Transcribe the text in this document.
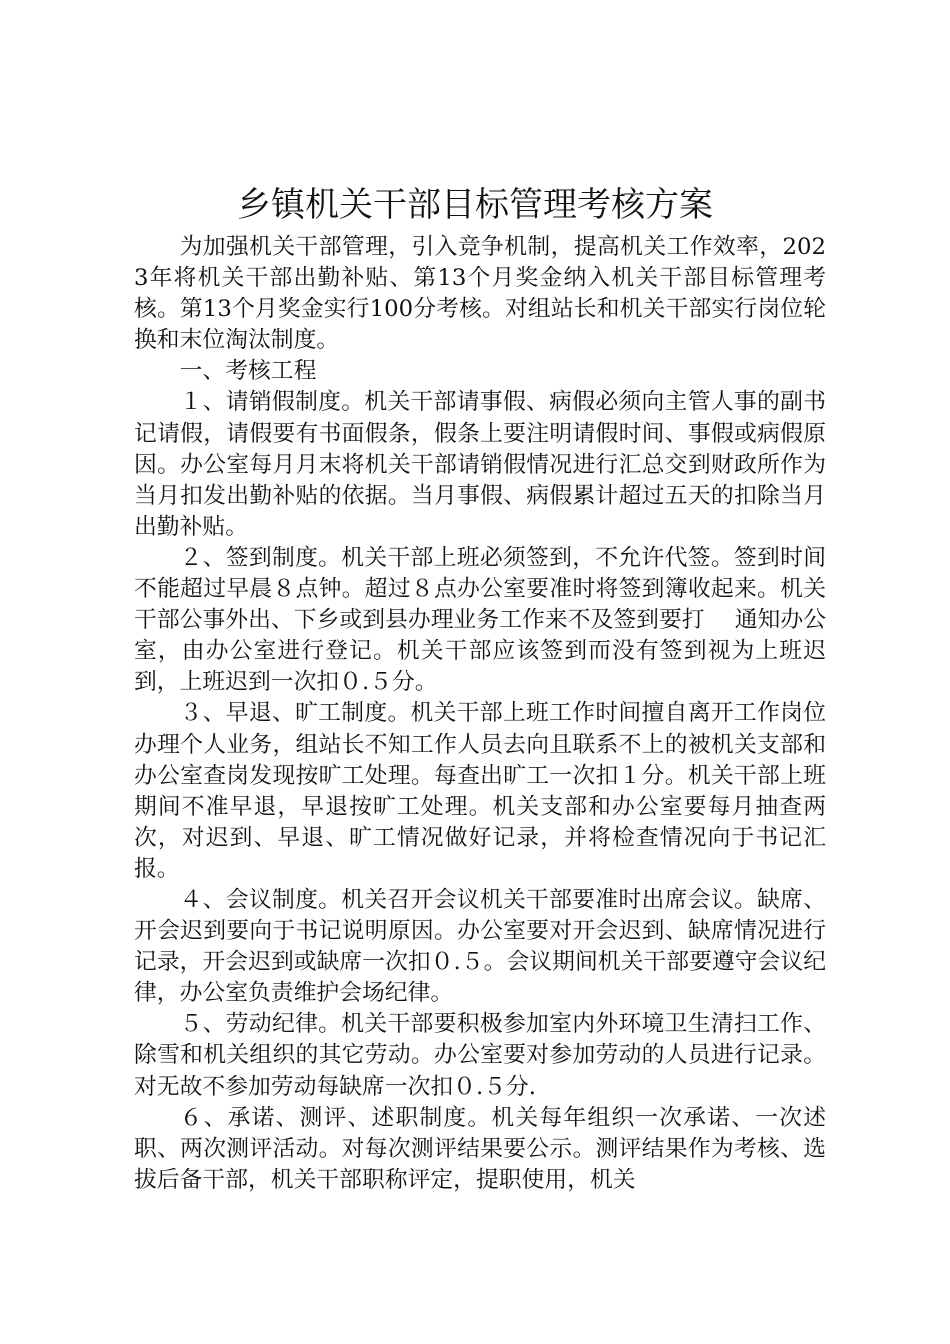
乡镇机关干部目标管理考核方案

为加强机关干部管理，引入竞争机制，提高机关工作效率，2023年将机关干部出勤补贴、第13个月奖金纳入机关干部目标管理考核。第13个月奖金实行100分考核。对组站长和机关干部实行岗位轮换和末位淘汰制度。

一、考核工程

１、请销假制度。机关干部请事假、病假必须向主管人事的副书记请假，请假要有书面假条，假条上要注明请假时间、事假或病假原因。办公室每月月末将机关干部请销假情况进行汇总交到财政所作为当月扣发出勤补贴的依据。当月事假、病假累计超过五天的扣除当月出勤补贴。

２、签到制度。机关干部上班必须签到，不允许代签。签到时间不能超过早晨８点钟。超过８点办公室要准时将签到簿收起来。机关干部公事外出、下乡或到县办理业务工作来不及签到要打　 通知办公室，由办公室进行登记。机关干部应该签到而没有签到视为上班迟到，上班迟到一次扣０.５分。

３、早退、旷工制度。机关干部上班工作时间擅自离开工作岗位办理个人业务，组站长不知工作人员去向且联系不上的被机关支部和办公室查岗发现按旷工处理。每查出旷工一次扣１分。机关干部上班期间不准早退，早退按旷工处理。机关支部和办公室要每月抽查两次，对迟到、早退、旷工情况做好记录，并将检查情况向于书记汇报。

４、会议制度。机关召开会议机关干部要准时出席会议。缺席、开会迟到要向于书记说明原因。办公室要对开会迟到、缺席情况进行记录，开会迟到或缺席一次扣０.５。会议期间机关干部要遵守会议纪律，办公室负责维护会场纪律。

５、劳动纪律。机关干部要积极参加室内外环境卫生清扫工作、除雪和机关组织的其它劳动。办公室要对参加劳动的人员进行记录。对无故不参加劳动每缺席一次扣０.５分.

６、承诺、测评、述职制度。机关每年组织一次承诺、一次述职、两次测评活动。对每次测评结果要公示。测评结果作为考核、选拔后备干部，机关干部职称评定，提职使用，机关
